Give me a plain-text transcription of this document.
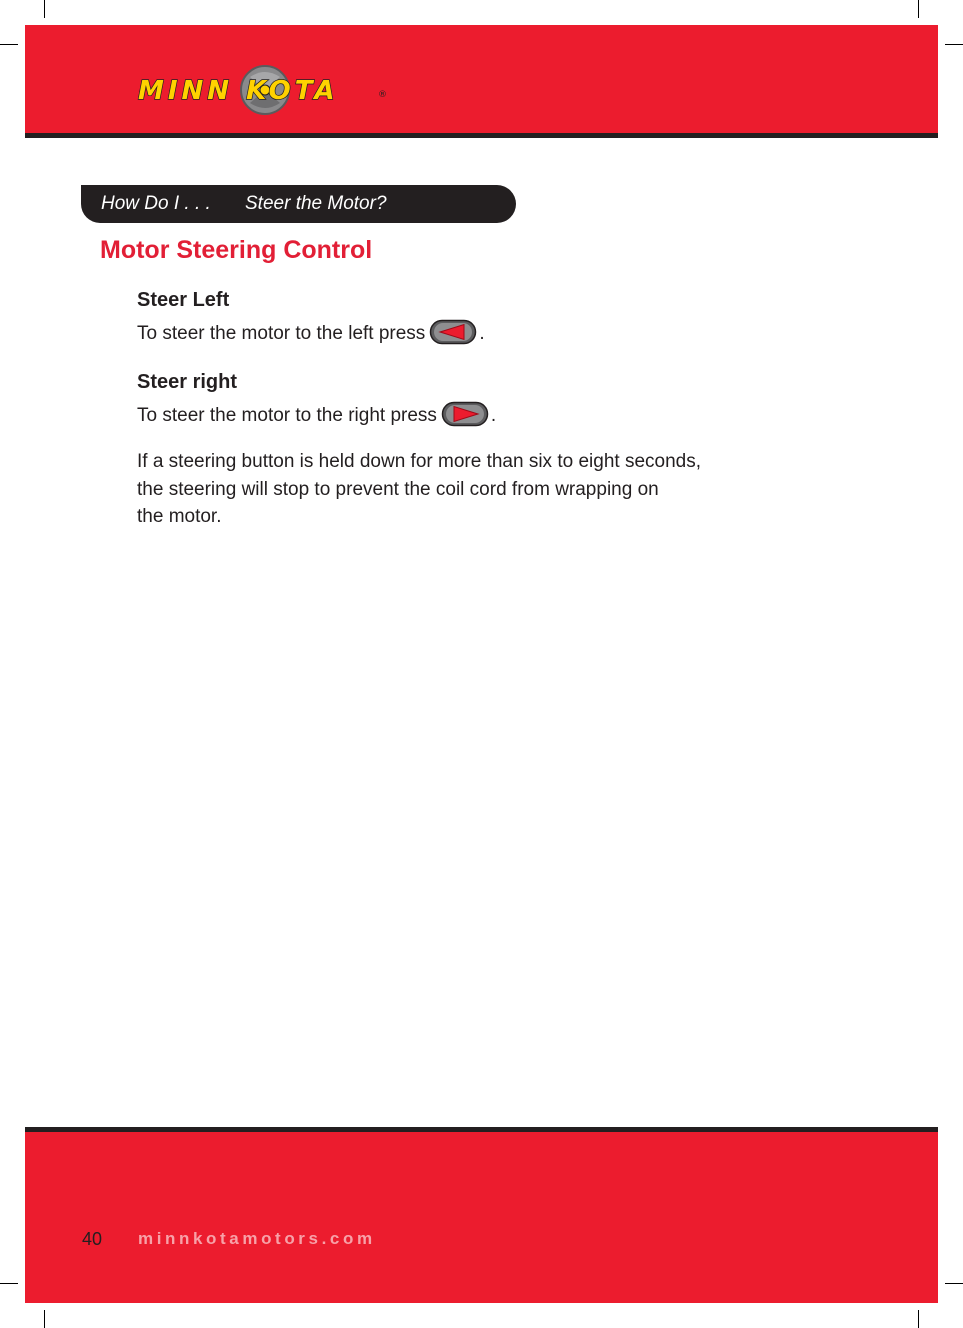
MINN KOTA	®
How Do I . . . Steer the Motor?
Motor Steering Control
Steer Left
To steer the motor to the left press	.
Steer right
To steer the motor to the right press	.
If a steering button is held down for more than six to eight seconds,
the steering will stop to prevent the coil cord from wrapping on
the motor.
40 minnkotamotors.com
